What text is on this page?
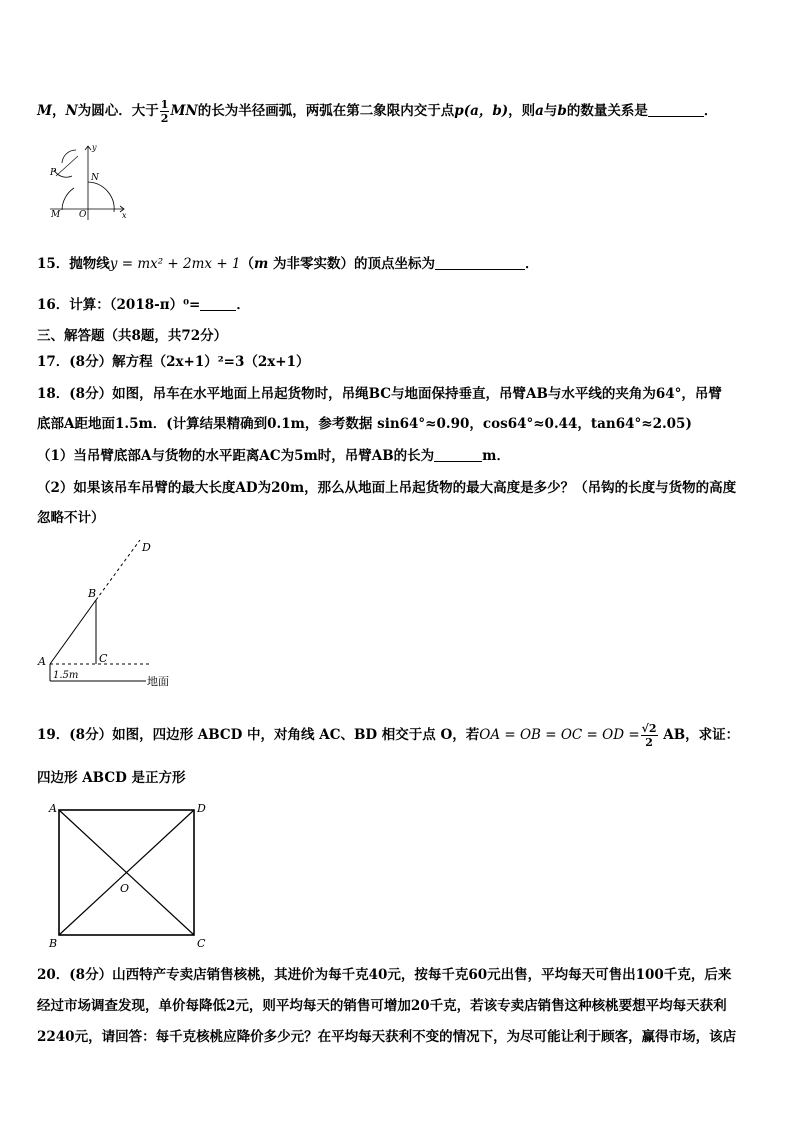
M，N为圆心．大于 $\frac{1}{2}$ MN的长为半径画弧，两弧在第二象限内交于点p(a，b)，则a与b的数量关系是	．
y
x
P	N
M O
15．抛物线y = mx² + 2mx + 1（m 为非零实数）的顶点坐标为	．
16．计算：（2018-π）⁰=	．
三、解答题（共8题，共72分）
17．(8分）解方程（2x+1）²=3（2x+1）
18．(8分）如图，吊车在水平地面上吊起货物时，吊绳BC与地面保持垂直，吊臂AB与水平线的夹角为64°，吊臂
底部A距地面1.5m．(计算结果精确到0.1m，参考数据 sin64°≈0.90，cos64°≈0.44，tan64°≈2.05)
（1）当吊臂底部A与货物的水平距离AC为5m时，吊臂AB的长为	m．
（2）如果该吊车吊臂的最大长度AD为20m，那么从地面上吊起货物的最大高度是多少？（吊钩的长度与货物的高度
忽略不计）
D
B
A	C
1.5m	地面
19．(8分）如图，四边形 ABCD 中，对角线 AC、BD 相交于点 O，若OA = OB = OC = OD = $\frac{√2}{2}$ AB，求证：
四边形 ABCD 是正方形
A	D
B	C
O
20．(8分）山西特产专卖店销售核桃，其进价为每千克40元，按每千克60元出售，平均每天可售出100千克，后来
经过市场调查发现，单价每降低2元，则平均每天的销售可增加20千克，若该专卖店销售这种核桃要想平均每天获利
2240元，请回答：每千克核桃应降价多少元？在平均每天获利不变的情况下，为尽可能让利于顾客，赢得市场，该店
